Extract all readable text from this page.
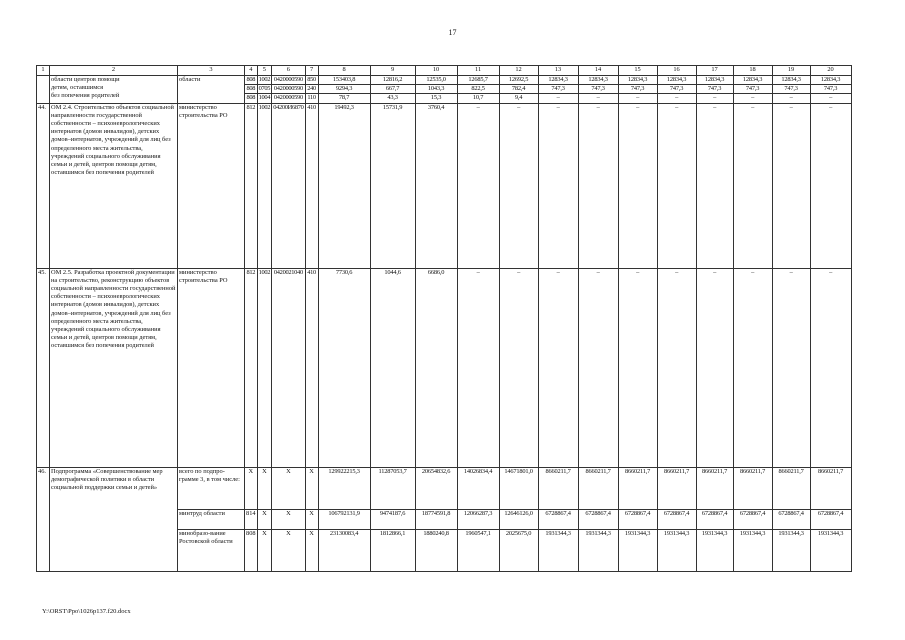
17
1	2	3	4	5	6	7	8	9	10	11	12	13	14	15	16	17	18	19	20

	области центров помощи
детям, оставшимся
без попечения родителей	области	808	1002	0420000590	850	153403,8	12816,2	12535,0	12685,7	12692,5	12834,3	12834,3	12834,3	12834,3	12834,3	12834,3	12834,3	12834,3
			808	0705	0420000590	240	9294,3	667,7	1043,3	822,5	782,4	747,3	747,3	747,3	747,3	747,3	747,3	747,3	747,3
			808	1004	0420000590	110	78,7	43,3	15,3	10,7	9,4	–	–	–	–	–	–	–	–
44.	ОМ 2.4. Строительство объектов социальной направленности государственной собственности – психоневрологических интернатов (домов инвалидов), детских домов–интернатов, учреждений для лиц без определенного места жительства, учреждений социального обслуживания семьи и детей, центров помощи детям, оставшимся без попечения родителей	министерство строительства РО	812	1002	04200И6870	410	19492,3	15731,9	3760,4	–	–	–	–	–	–	–	–	–	–
45.	ОМ 2.5. Разработка проектной документации на строительство, реконструкцию объектов социальной направленности государственной собственности – психоневрологических интернатов (домов инвалидов), детских домов–интернатов, учреждений для лиц без определенного места жительства, учреждений социального обслуживания семьи и детей, центров помощи детям, оставшимся без попечения родителей	министерство строительства РО	812	1002	0420021040	410	7730,6	1044,6	6686,0	–	–	–	–	–	–	–	–	–	–
46.	Подпрограмма «Совершенствование мер демографической политики в области социальной поддержки семьи и детей»	всего по подпро-грамме 3, в том числе:	X	X	X	X	129922215,3	11287053,7	20654832,6	14026834,4	14671801,0	8660211,7	8660211,7	8660211,7	8660211,7	8660211,7	8660211,7	8660211,7	8660211,7
		минтруд области	814	X	X	X	106792131,9	9474187,6	18774591,8	12066287,3	12646126,0	6728867,4	6728867,4	6728867,4	6728867,4	6728867,4	6728867,4	6728867,4	6728867,4
		минобразо-вание Ростовской области	808	X	X	X	23130083,4	1812866,1	1880240,8	1960547,1	2025675,0	1931344,3	1931344,3	1931344,3	1931344,3	1931344,3	1931344,3	1931344,3	1931344,3
Y:\ORST\Ppo\1026p137.f20.docx
